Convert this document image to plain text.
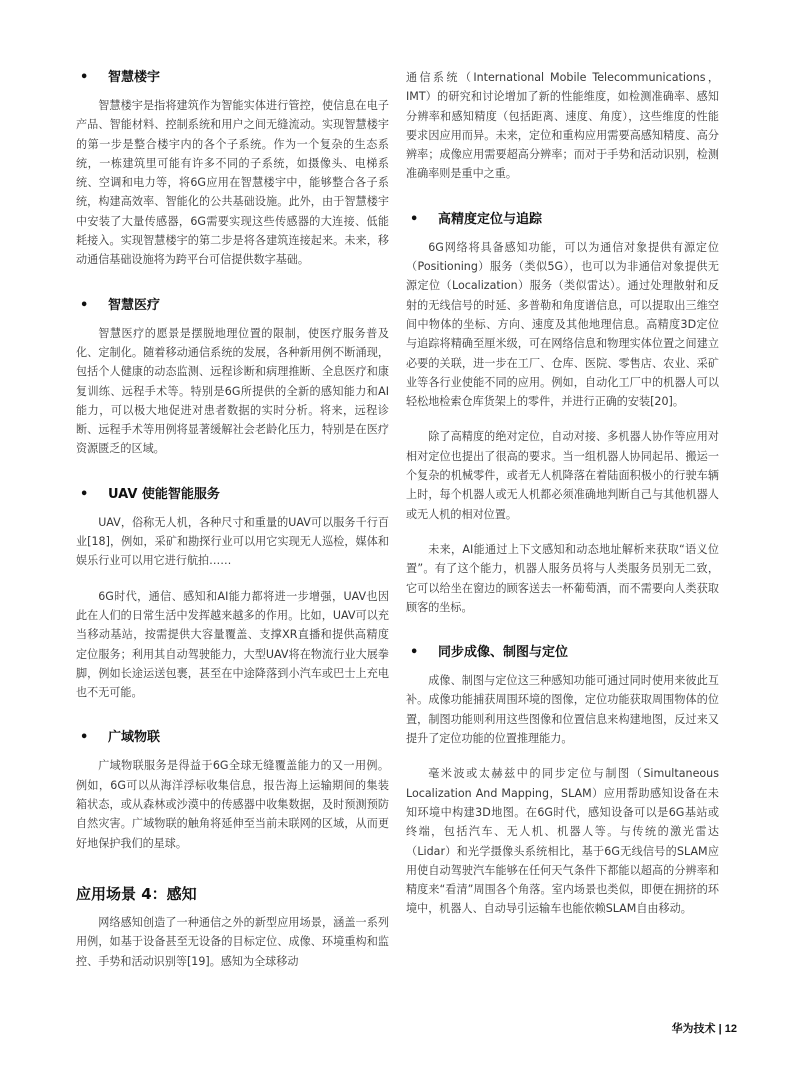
• 智慧楼宇

智慧楼宇是指将建筑作为智能实体进行管控，使信息在电子产品、智能材料、控制系统和用户之间无缝流动。实现智慧楼宇的第一步是整合楼宇内的各个子系统。作为一个复杂的生态系统，一栋建筑里可能有许多不同的子系统，如摄像头、电梯系统、空调和电力等，将6G应用在智慧楼宇中，能够整合各子系统，构建高效率、智能化的公共基础设施。此外，由于智慧楼宇中安装了大量传感器，6G需要实现这些传感器的大连接、低能耗接入。实现智慧楼宇的第二步是将各建筑连接起来。未来，移动通信基础设施将为跨平台可信提供数字基础。

• 智慧医疗

智慧医疗的愿景是摆脱地理位置的限制，使医疗服务普及化、定制化。随着移动通信系统的发展，各种新用例不断涌现，包括个人健康的动态监测、远程诊断和病理推断、全息医疗和康复训练、远程手术等。特别是6G所提供的全新的感知能力和AI能力，可以极大地促进对患者数据的实时分析。将来，远程诊断、远程手术等用例将显著缓解社会老龄化压力，特别是在医疗资源匮乏的区域。

• UAV 使能智能服务

UAV，俗称无人机，各种尺寸和重量的UAV可以服务千行百业[18]，例如，采矿和勘探行业可以用它实现无人巡检，媒体和娱乐行业可以用它进行航拍……

6G时代，通信、感知和AI能力都将进一步增强，UAV也因此在人们的日常生活中发挥越来越多的作用。比如，UAV可以充当移动基站，按需提供大容量覆盖、支撑XR直播和提供高精度定位服务；利用其自动驾驶能力，大型UAV将在物流行业大展拳脚，例如长途运送包裹，甚至在中途降落到小汽车或巴士上充电也不无可能。

• 广域物联

广域物联服务是得益于6G全球无缝覆盖能力的又一用例。例如，6G可以从海洋浮标收集信息，报告海上运输期间的集装箱状态，或从森林或沙漠中的传感器中收集数据，及时预测预防自然灾害。广域物联的触角将延伸至当前未联网的区域，从而更好地保护我们的星球。

应用场景 4：感知

网络感知创造了一种通信之外的新型应用场景，涵盖一系列用例，如基于设备甚至无设备的目标定位、成像、环境重构和监控、手势和活动识别等[19]。感知为全球移动

通信系统（International Mobile Telecommunications，IMT）的研究和讨论增加了新的性能维度，如检测准确率、感知分辨率和感知精度（包括距离、速度、角度），这些维度的性能要求因应用而异。未来，定位和重构应用需要高感知精度、高分辨率；成像应用需要超高分辨率；而对于手势和活动识别，检测准确率则是重中之重。

• 高精度定位与追踪

6G网络将具备感知功能，可以为通信对象提供有源定位（Positioning）服务（类似5G），也可以为非通信对象提供无源定位（Localization）服务（类似雷达）。通过处理散射和反射的无线信号的时延、多普勒和角度谱信息，可以提取出三维空间中物体的坐标、方向、速度及其他地理信息。高精度3D定位与追踪将精确至厘米级，可在网络信息和物理实体位置之间建立必要的关联，进一步在工厂、仓库、医院、零售店、农业、采矿业等各行业使能不同的应用。例如，自动化工厂中的机器人可以轻松地检索仓库货架上的零件，并进行正确的安装[20]。

除了高精度的绝对定位，自动对接、多机器人协作等应用对相对定位也提出了很高的要求。当一组机器人协同起吊、搬运一个复杂的机械零件，或者无人机降落在着陆面积极小的行驶车辆上时，每个机器人或无人机都必须准确地判断自己与其他机器人或无人机的相对位置。

未来，AI能通过上下文感知和动态地址解析来获取“语义位置”。有了这个能力，机器人服务员将与人类服务员别无二致，它可以给坐在窗边的顾客送去一杯葡萄酒，而不需要向人类获取顾客的坐标。

• 同步成像、制图与定位

成像、制图与定位这三种感知功能可通过同时使用来彼此互补。成像功能捕获周围环境的图像，定位功能获取周围物体的位置，制图功能则利用这些图像和位置信息来构建地图，反过来又提升了定位功能的位置推理能力。

毫米波或太赫兹中的同步定位与制图（Simultaneous Localization And Mapping，SLAM）应用帮助感知设备在未知环境中构建3D地图。在6G时代，感知设备可以是6G基站或终端，包括汽车、无人机、机器人等。与传统的激光雷达（Lidar）和光学摄像头系统相比，基于6G无线信号的SLAM应用使自动驾驶汽车能够在任何天气条件下都能以超高的分辨率和精度来“看清”周围各个角落。室内场景也类似，即便在拥挤的环境中，机器人、自动导引运输车也能依赖SLAM自由移动。

华为技术 | 12
